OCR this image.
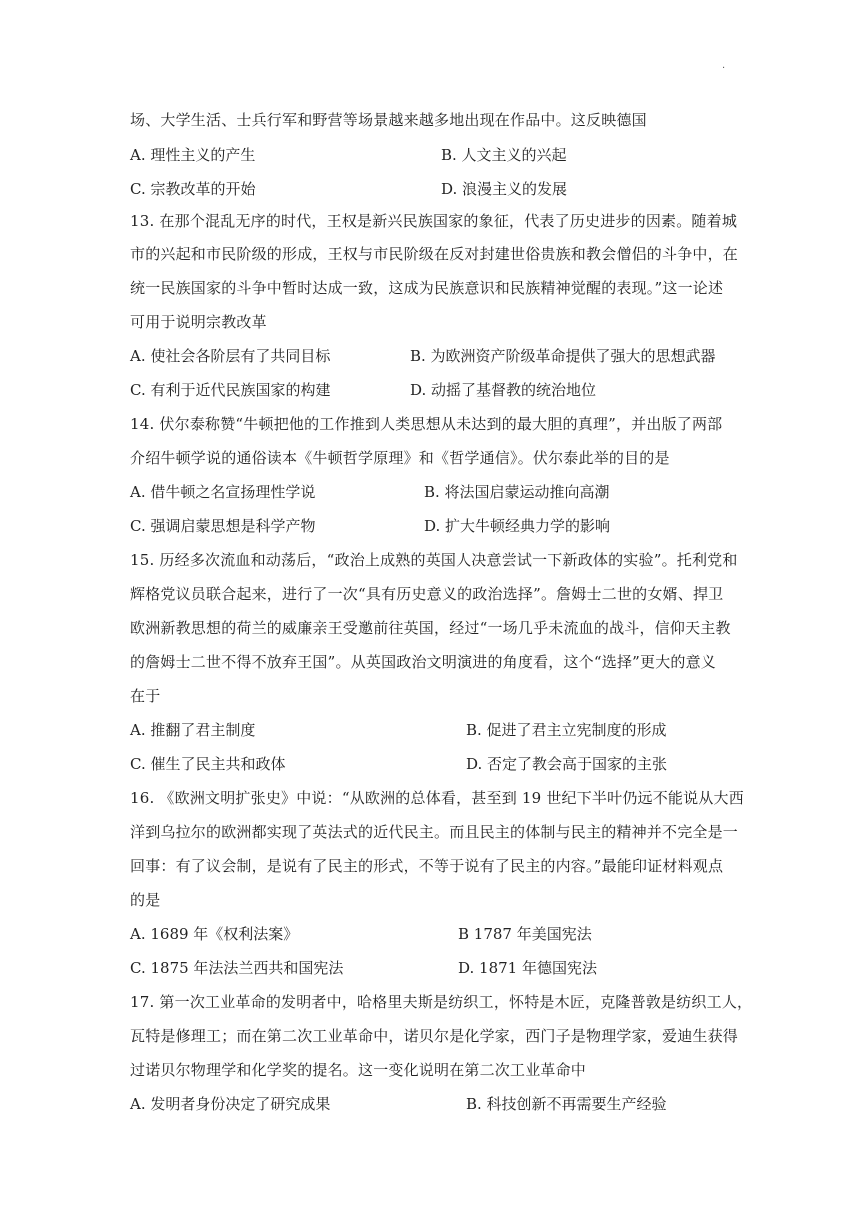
.
场、大学生活、士兵行军和野营等场景越来越多地出现在作品中。这反映德国
A. 理性主义的产生	B. 人文主义的兴起
C. 宗教改革的开始	D. 浪漫主义的发展
13. 在那个混乱无序的时代，王权是新兴民族国家的象征，代表了历史进步的因素。随着城
市的兴起和市民阶级的形成，王权与市民阶级在反对封建世俗贵族和教会僧侣的斗争中，在
统一民族国家的斗争中暂时达成一致，这成为民族意识和民族精神觉醒的表现。”这一论述
可用于说明宗教改革
A. 使社会各阶层有了共同目标	B. 为欧洲资产阶级革命提供了强大的思想武器
C. 有利于近代民族国家的构建	D. 动摇了基督教的统治地位
14. 伏尔泰称赞“牛顿把他的工作推到人类思想从未达到的最大胆的真理”，并出版了两部
介绍牛顿学说的通俗读本《牛顿哲学原理》和《哲学通信》。伏尔泰此举的目的是
A. 借牛顿之名宣扬理性学说	B. 将法国启蒙运动推向高潮
C. 强调启蒙思想是科学产物	D. 扩大牛顿经典力学的影响
15. 历经多次流血和动荡后，“政治上成熟的英国人决意尝试一下新政体的实验”。托利党和
辉格党议员联合起来，进行了一次“具有历史意义的政治选择”。詹姆士二世的女婿、捍卫
欧洲新教思想的荷兰的威廉亲王受邀前往英国，经过“一场几乎未流血的战斗，信仰天主教
的詹姆士二世不得不放弃王国”。从英国政治文明演进的角度看，这个“选择”更大的意义
在于
A. 推翻了君主制度	B. 促进了君主立宪制度的形成
C. 催生了民主共和政体	D. 否定了教会高于国家的主张
16. 《欧洲文明扩张史》中说：“从欧洲的总体看，甚至到 19 世纪下半叶仍远不能说从大西
洋到乌拉尔的欧洲都实现了英法式的近代民主。而且民主的体制与民主的精神并不完全是一
回事：有了议会制，是说有了民主的形式，不等于说有了民主的内容。”最能印证材料观点
的是
A. 1689 年《权利法案》	B 1787 年美国宪法
C. 1875 年法法兰西共和国宪法	D. 1871 年德国宪法
17. 第一次工业革命的发明者中，哈格里夫斯是纺织工，怀特是木匠，克隆普敦是纺织工人，
瓦特是修理工；而在第二次工业革命中，诺贝尔是化学家，西门子是物理学家，爱迪生获得
过诺贝尔物理学和化学奖的提名。这一变化说明在第二次工业革命中
A. 发明者身份决定了研究成果	B. 科技创新不再需要生产经验
